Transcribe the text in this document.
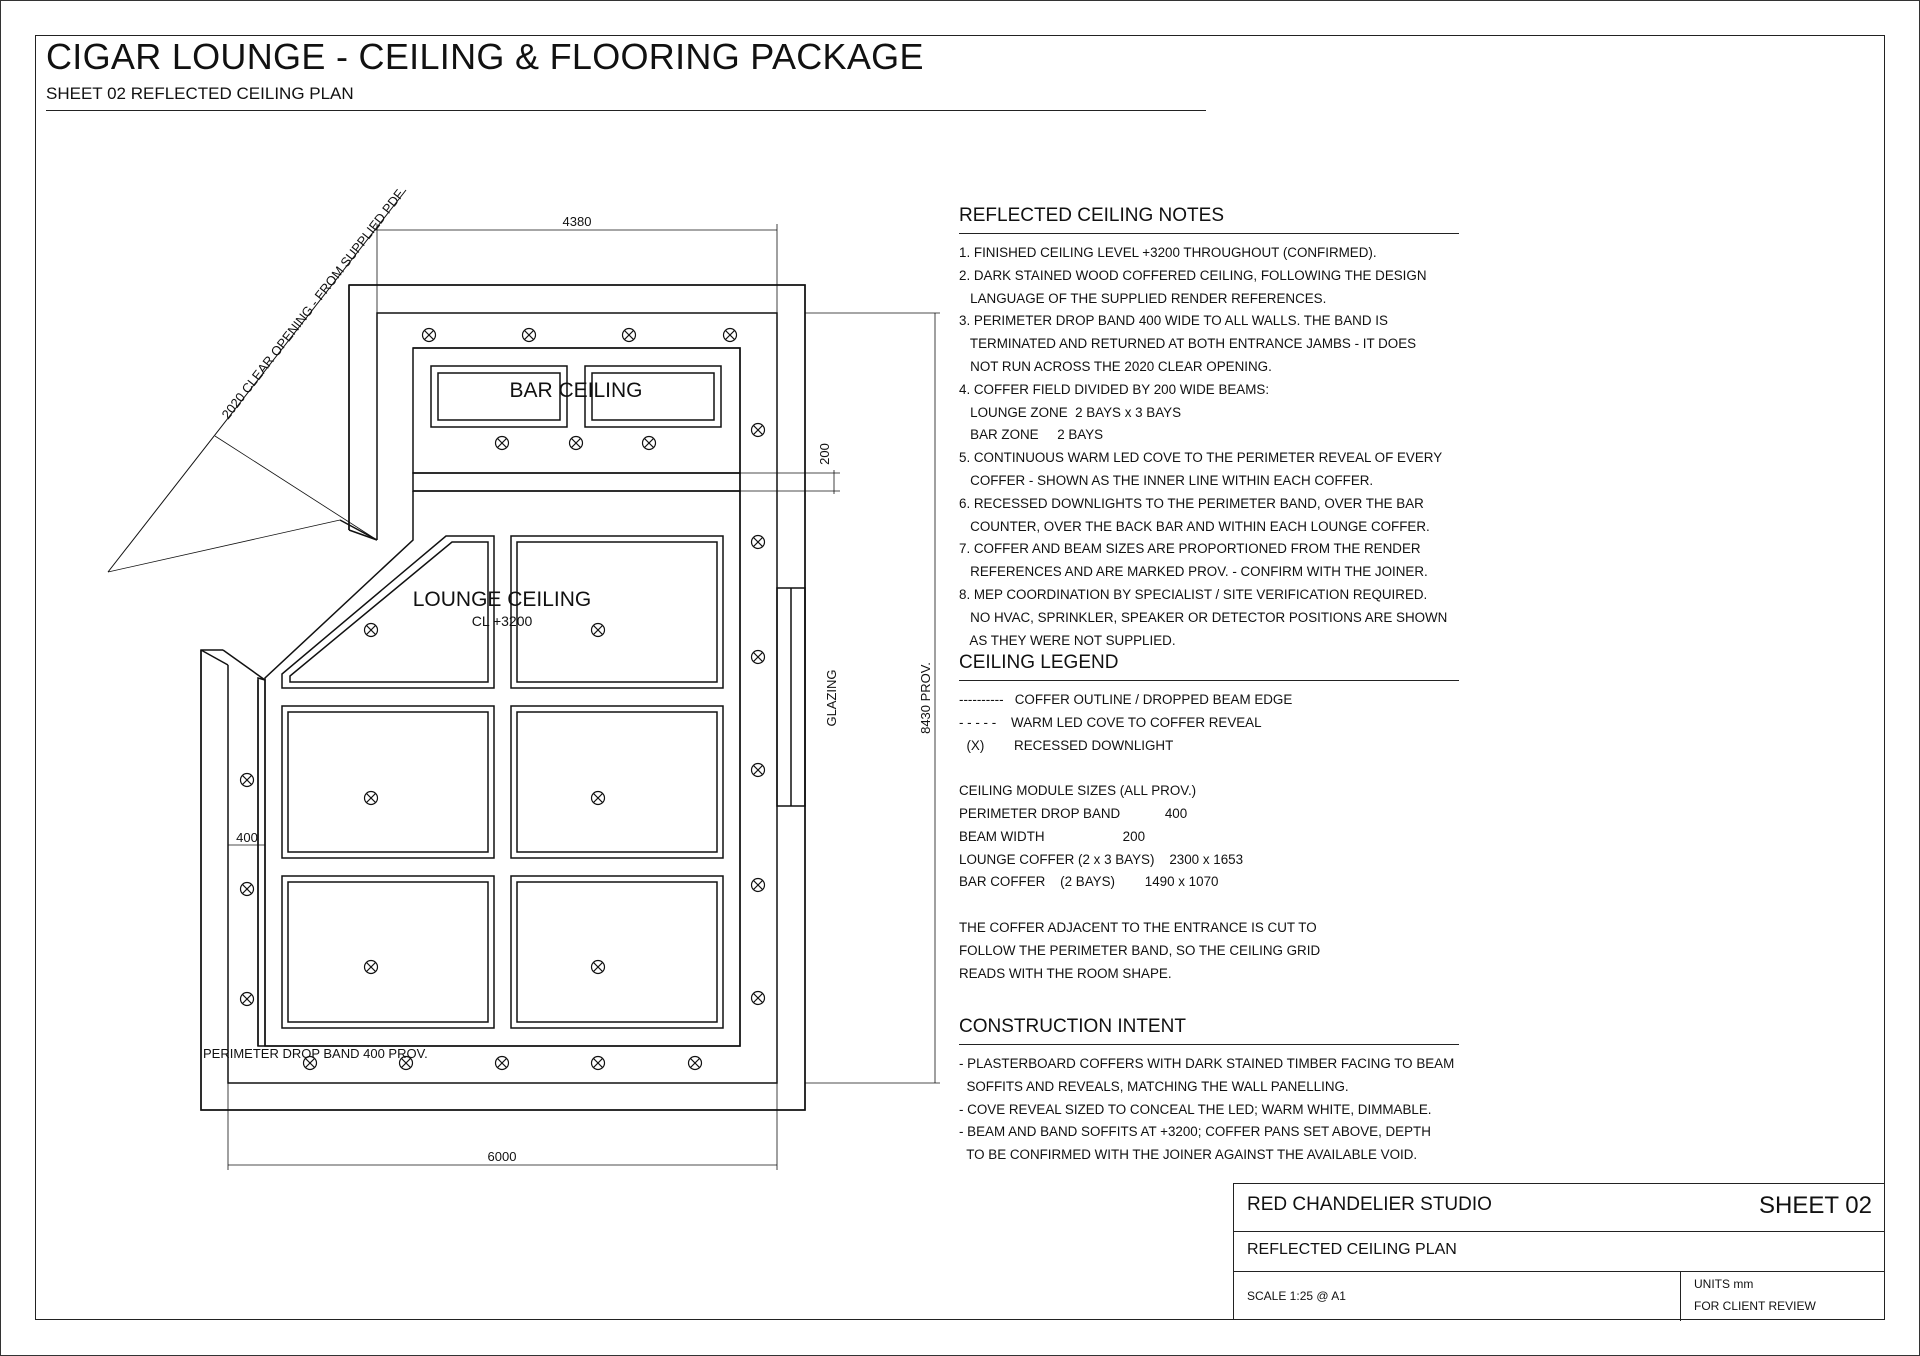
CIGAR LOUNGE - CEILING & FLOORING PACKAGE
SHEET 02 REFLECTED CEILING PLAN
4380
6000
8430 PROV.
200
400
2020 CLEAR OPENING - FROM SUPPLIED PDF	BAR CEILING
LOUNGE CEILING
CL +3200
GLAZING
PERIMETER DROP BAND 400 PROV.
REFLECTED CEILING NOTES
1. FINISHED CEILING LEVEL +3200 THROUGHOUT (CONFIRMED).
2. DARK STAINED WOOD COFFERED CEILING, FOLLOWING THE DESIGN
LANGUAGE OF THE SUPPLIED RENDER REFERENCES.
3. PERIMETER DROP BAND 400 WIDE TO ALL WALLS. THE BAND IS
TERMINATED AND RETURNED AT BOTH ENTRANCE JAMBS - IT DOES
NOT RUN ACROSS THE 2020 CLEAR OPENING.
4. COFFER FIELD DIVIDED BY 200 WIDE BEAMS:
LOUNGE ZONE  2 BAYS x 3 BAYS
BAR ZONE     2 BAYS
5. CONTINUOUS WARM LED COVE TO THE PERIMETER REVEAL OF EVERY
COFFER - SHOWN AS THE INNER LINE WITHIN EACH COFFER.
6. RECESSED DOWNLIGHTS TO THE PERIMETER BAND, OVER THE BAR
COUNTER, OVER THE BACK BAR AND WITHIN EACH LOUNGE COFFER.
7. COFFER AND BEAM SIZES ARE PROPORTIONED FROM THE RENDER
REFERENCES AND ARE MARKED PROV. - CONFIRM WITH THE JOINER.
8. MEP COORDINATION BY SPECIALIST / SITE VERIFICATION REQUIRED.
NO HVAC, SPRINKLER, SPEAKER OR DETECTOR POSITIONS ARE SHOWN
AS THEY WERE NOT SUPPLIED.
CEILING LEGEND
----------   COFFER OUTLINE / DROPPED BEAM EDGE
- - - - -    WARM LED COVE TO COFFER REVEAL
(X)        RECESSED DOWNLIGHT

CEILING MODULE SIZES (ALL PROV.)
PERIMETER DROP BAND            400
BEAM WIDTH                     200
LOUNGE COFFER (2 x 3 BAYS)    2300 x 1653
BAR COFFER    (2 BAYS)        1490 x 1070

THE COFFER ADJACENT TO THE ENTRANCE IS CUT TO
FOLLOW THE PERIMETER BAND, SO THE CEILING GRID
READS WITH THE ROOM SHAPE.
CONSTRUCTION INTENT
- PLASTERBOARD COFFERS WITH DARK STAINED TIMBER FACING TO BEAM
SOFFITS AND REVEALS, MATCHING THE WALL PANELLING.
- COVE REVEAL SIZED TO CONCEAL THE LED; WARM WHITE, DIMMABLE.
- BEAM AND BAND SOFFITS AT +3200; COFFER PANS SET ABOVE, DEPTH
TO BE CONFIRMED WITH THE JOINER AGAINST THE AVAILABLE VOID.
RED CHANDELIER STUDIO	SHEET 02
REFLECTED CEILING PLAN
SCALE 1:25 @ A1
UNITS mm
FOR CLIENT REVIEW
